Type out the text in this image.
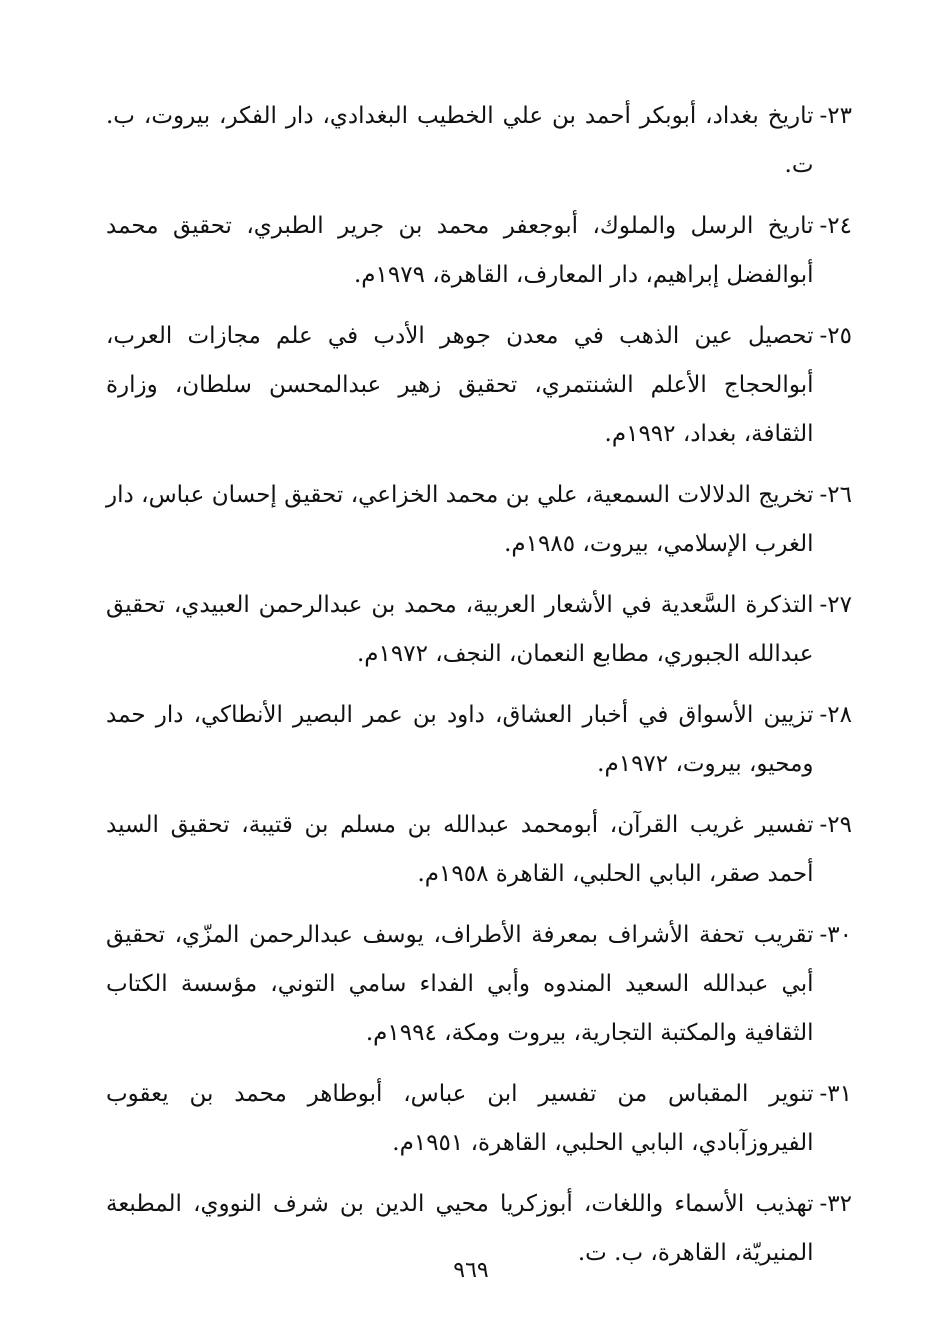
٢٣-
تاريخ بغداد، أبوبكر أحمد بن علي الخطيب البغدادي، دار الفكر، بيروت، ب. ت.
٢٤-
تاريخ الرسل والملوك، أبوجعفر محمد بن جرير الطبري، تحقيق محمد أبوالفضل إبراهيم، دار المعارف، القاهرة، ١٩٧٩م.
٢٥-
تحصيل عين الذهب في معدن جوهر الأدب في علم مجازات العرب، أبوالحجاج الأعلم الشنتمري، تحقيق زهير عبدالمحسن سلطان، وزارة الثقافة، بغداد، ١٩٩٢م.
٢٦-
تخريج الدلالات السمعية، علي بن محمد الخزاعي، تحقيق إحسان عباس، دار الغرب الإسلامي، بيروت، ١٩٨٥م.
٢٧-
التذكرة السَّعدية في الأشعار العربية، محمد بن عبدالرحمن العبيدي، تحقيق عبدالله الجبوري، مطابع النعمان، النجف، ١٩٧٢م.
٢٨-
تزيين الأسواق في أخبار العشاق، داود بن عمر البصير الأنطاكي، دار حمد ومحيو، بيروت، ١٩٧٢م.
٢٩-
تفسير غريب القرآن، أبومحمد عبدالله بن مسلم بن قتيبة، تحقيق السيد أحمد صقر، البابي الحلبي، القاهرة ١٩٥٨م.
٣٠-
تقريب تحفة الأشراف بمعرفة الأطراف، يوسف عبدالرحمن المزّي، تحقيق أبي عبدالله السعيد المندوه وأبي الفداء سامي التوني، مؤسسة الكتاب الثقافية والمكتبة التجارية، بيروت ومكة، ١٩٩٤م.
٣١-
تنوير المقباس من تفسير ابن عباس، أبوطاهر محمد بن يعقوب الفيروزآبادي، البابي الحلبي، القاهرة، ١٩٥١م.
٣٢-
تهذيب الأسماء واللغات، أبوزكريا محيي الدين بن شرف النووي، المطبعة المنيريّة، القاهرة، ب. ت.
٩٦٩
